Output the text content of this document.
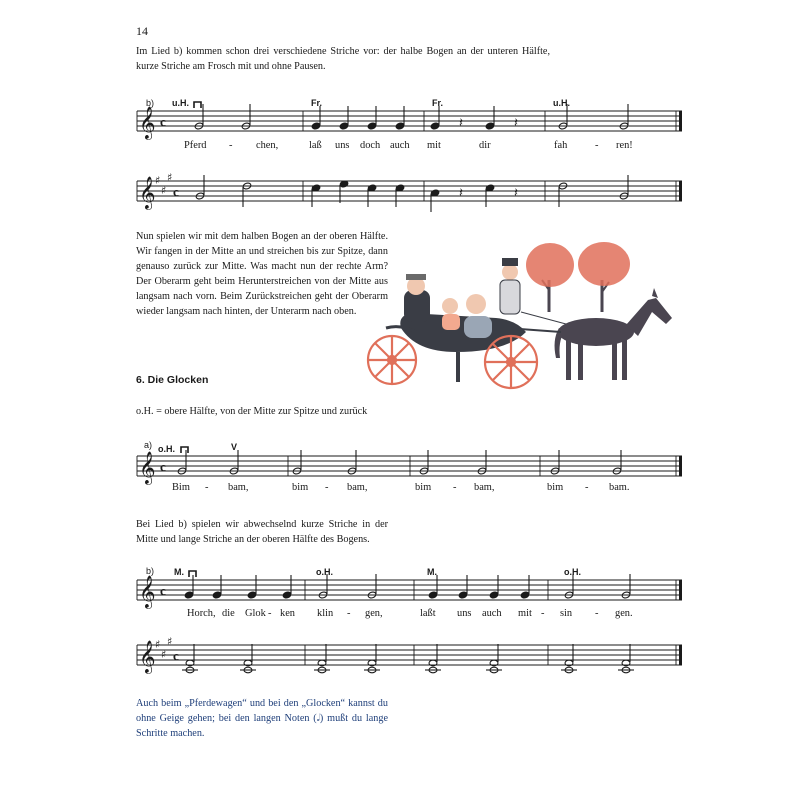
14
Im Lied b) kommen schon drei verschiedene Striche vor: der halbe Bogen an der unteren Hälfte, kurze Striche am Frosch mit und ohne Pausen.
b) u.H.	Fr.	Fr.	u.H.
𝄞
𝄞 ♯
♯
♯
c
c
𝄽	𝄽
𝄽	𝄽
Pferd - chen,	laß uns doch auch mit	dir	fah	- ren!
Nun spielen wir mit dem halben Bogen an der oberen Hälfte. Wir fangen in der Mitte an und streichen bis zur Spitze, dann genauso zurück zur Mitte. Was macht nun der rechte Arm? Der Oberarm geht beim Herunterstreichen von der Mitte aus langsam nach vorn. Beim Zurückstreichen geht der Oberarm wieder langsam nach hinten, der Unterarm nach oben.
6. Die Glocken
o.H. = obere Hälfte, von der Mitte zur Spitze und zurück
a) o.H.	V
𝄞 c
Bim - bam,	bim - bam,	bim - bam,	bim - bam.
Bei Lied b) spielen wir abwechselnd kurze Striche in der Mitte und lange Striche an der oberen Hälfte des Bogens.
b) M.	o.H.	M.	o.H.
𝄞
𝄞 ♯
♯
♯
c
c
Horch, die Glok - ken klin - gen,	laßt uns auch mit - sin - gen.
Auch beim „Pferdewagen“ und bei den „Glocken“ kannst du ohne Geige gehen; bei den langen Noten (𝅗𝅥) mußt du lange Schritte machen.
